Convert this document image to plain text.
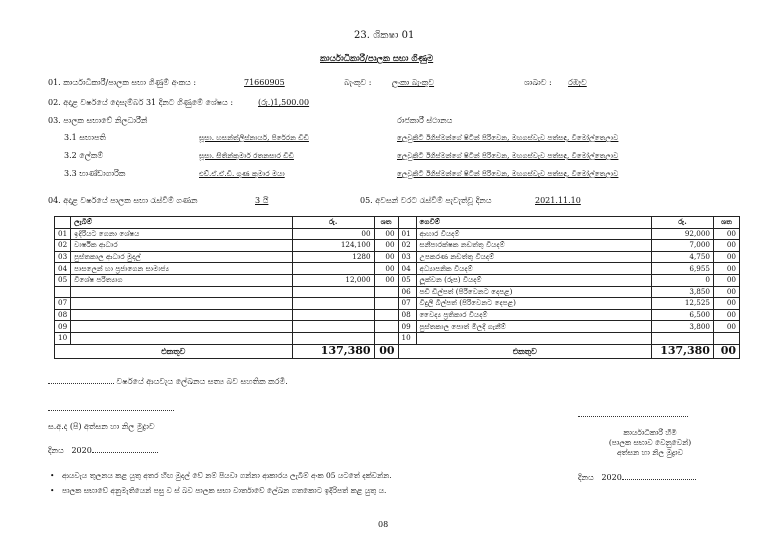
23. ශිකෂා 01
කාර්යාධිකාරී/පාලක සභා ගිණුම
01. කාර්යාධිකාරී/පාලක සභා ගිණුම් අංකය :	71660905	බැංකුව :	ලංකා බැංකුව	ශාඛාව : රඹෑව
02. අදාළ වර්ෂයේ දෙසැම්බර් 31 දිනට ගිණුමේ ශේෂය :	(රු.)1,500.00
03. පාලක සභාවේ නිලධාරීන්	රාජකාරී ස්ථානය
3.1 සභාපති	සූසා. හසන්ත්ලිස්නායර්, පිරේරන ඩීඩී	ලෙවුකිටි ඊගිස්මන්ගේ ෂිටින් පිරිවෙන, මහගස්වැව පත්සඳ, වීමෝල්තෙලාව
3.2 ලේකම්	සූසා. සිතින්කුමාර් රතනසාර ඩීඩී	ලෙවුකිටි ඊගිස්මන්ගේ ෂිටින් පිරිවෙන, මහගස්වැව පත්සඳ, වීමෝල්තෙලාව
3.3 භාණ්ඩාගාරික	එච්.ඒ.ඒ.ඩී. ගුණ කුමාර මයා	ලෙවුකිටි ඊගිස්මන්ගේ ෂිටින් පිරිවෙන, මහගස්වැව පත්සඳ, වීමෝල්තෙලාව
04. අදාළ වර්ෂයේ පාලක සභා රැස්වීම් ගණන	3 යි	05. අවසන් වරට රැස්වීම් පැවැත්වූ දිනය	2021.11.10
	ලැබීම්	රු.	ශත		ගෙවීම්	රු.	ශත
01	ඉදිරියට ගෙනා ශේෂය	00	00	01	ආහාර වියදම්	92,000	00
02	වාර්ෂික ආධාර	124,100	00	02	සනීපාරක්ෂක නඩත්තු වියදම්	7,000	00
03	පුස්තකාල ආධාර මුදල්	1280	00	03	උපකරණ නඩත්තු වියදම්	4,750	00
04	පාසලෙන් හා ප්‍රජාගෙන සාමාජ්‍ය		00	04	අධ්‍යාපනික වියදම්	6,955	00
05	විශේෂ පරිත්‍යාග	12,000	00	05	ලූක්වන (රූප) වියදම්	0	00
				06	පඩි ඩිල්පත් (පිරිවෙනට දෙපළ)	3,850	00
07				07	විදුලි බිල්පත් (පිරිවෙනට දෙපළ)	12,525	00
08				08	වෛද්‍ය ප්‍රතිකාර වියදම්	6,500	00
09				09	පුස්තකාල පොත් මිලදී ගැනීම්	3,800	00
10				10			
එකතුව		137,380	00	එකතුව		137,380	00
වර්ෂයේ ආයවැය ලේඛනය සත්‍ය බව සහතික කරමි.
ස.අ.ද (පි) අත්සන හා නිල මුද්‍රාව
දිනය 2020
කාර්යාධිකාරී හිමි
(පාලක සභාව වෙනුවෙන්)
අත්සන හා නිල මුද්‍රාව
• ආයවැය තුලනය කළ යුතු අතර හිඟ මුදල් වේ නම් පියවා ගන්නා ආකාරය ලැබීම් අංක 05 යටතේ දක්වන්න.
• පාලක සභාවේ අනුමැතියෙන් පසු ව ස් බව පාලක සභා වාර්තාවේ ලේඛන ගතකොට ඉදිරිපත් කළ යුතු ය.
දිනය 2020
08
